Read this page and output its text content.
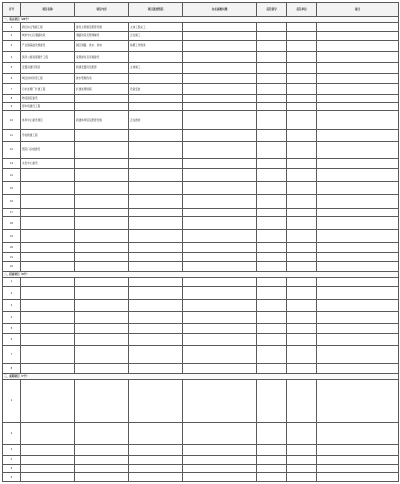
序号	项目名称	项目内容	项目进展情况	存在困难问题	责任领导	责任单位	备注
一、重点项目（28个）							
1	新区综合管廊工程	建设主管廊及配套设施	主体工程完工				
2	城市中心区道路改造	道路改造及管网铺设	正在施工				
3	产业园基础设施建设	园区道路、供水、供电	前期工作推进				
4	滨河公园景观提升工程	景观绿化及亭廊建设					
5	安置房建设项目	新建安置房及配套	主体施工				
6	城区排水防涝工程	排水管网改造					
7	污水处理厂扩建工程	扩建处理规模	设备安装				
8	物流园区建设						
9	停车场建设工程						
10	体育中心建设项目	新建体育馆及配套设施	正在推进				
11	学校新建工程						
12	医院门诊楼建设						
13	文化中心建设						
14							
15							
16							
17							
18							
19							
20							
21							
22							
二、招商项目（8个）							
1							
2							
3							
4							
5							
6							
7							
8							
三、前期项目（7个）							
1							
2							
3							
4							
5							
6							
